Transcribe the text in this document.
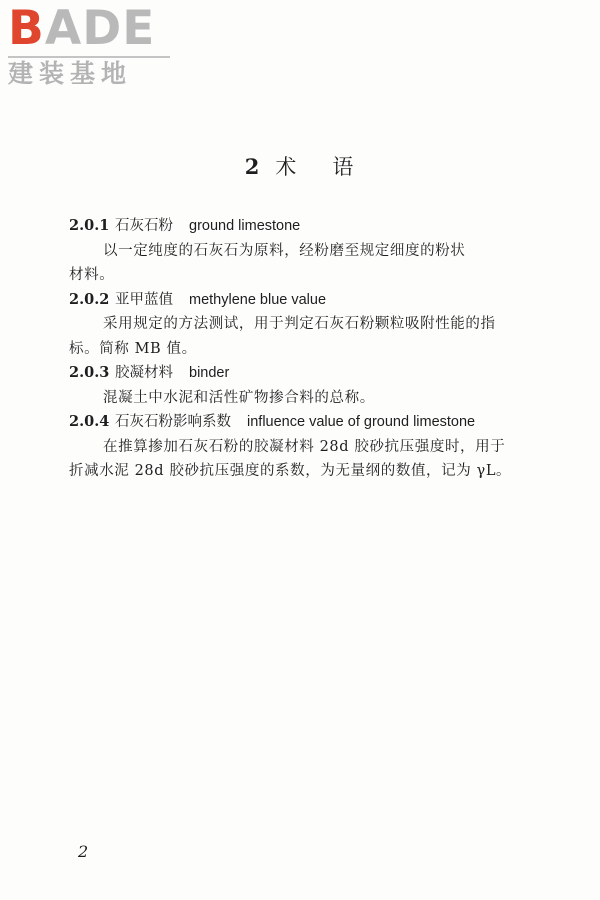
BADE
建装基地
2 术 语
2.0.1 石灰石粉 ground limestone
以一定纯度的石灰石为原料，经粉磨至规定细度的粉状
材料。
2.0.2 亚甲蓝值 methylene blue value
采用规定的方法测试，用于判定石灰石粉颗粒吸附性能的指
标。简称 MB 值。
2.0.3 胶凝材料 binder
混凝土中水泥和活性矿物掺合料的总称。
2.0.4 石灰石粉影响系数 influence value of ground limestone
在推算掺加石灰石粉的胶凝材料 28d 胶砂抗压强度时，用于
折减水泥 28d 胶砂抗压强度的系数，为无量纲的数值，记为 γL。
2
